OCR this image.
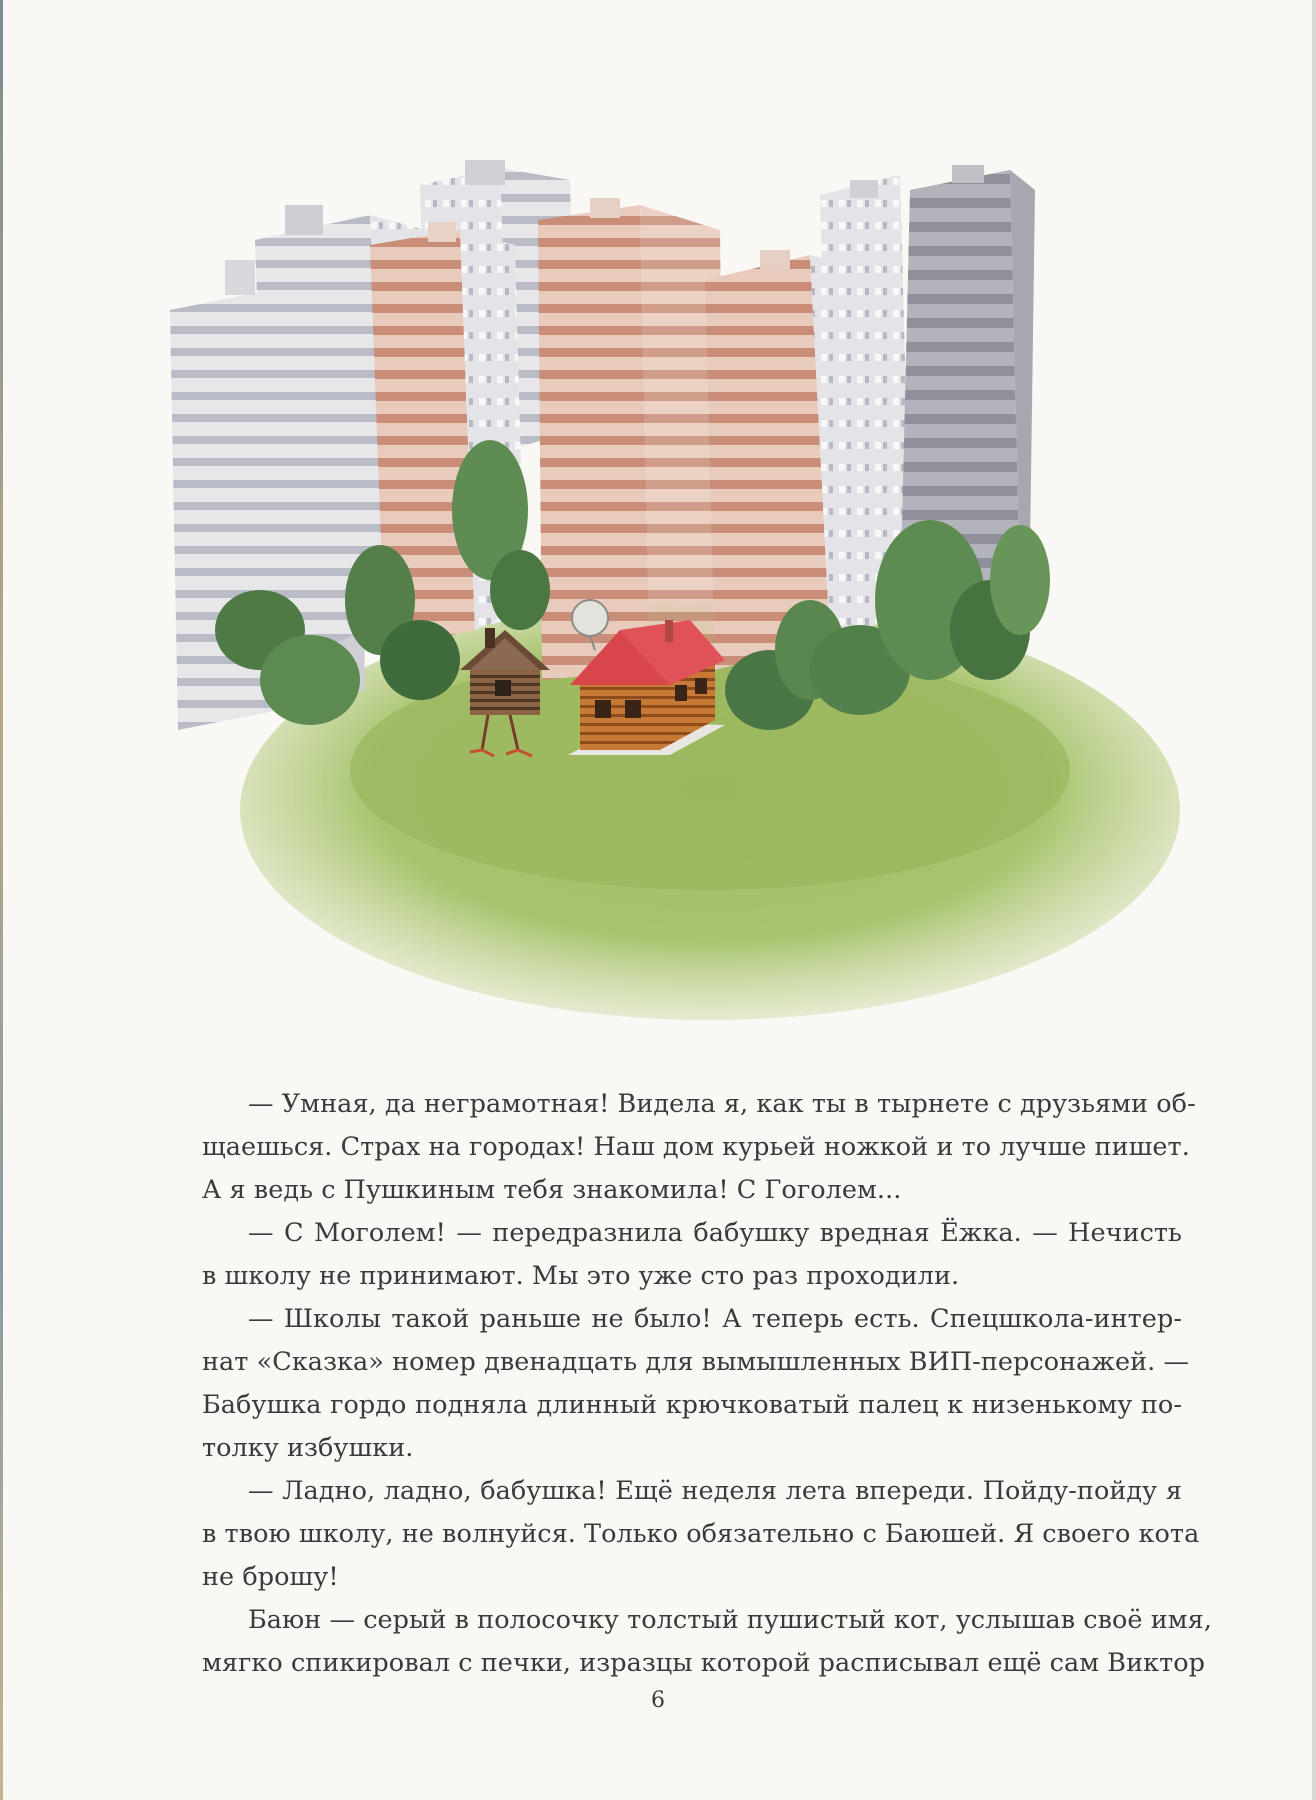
— Умная, да неграмотная! Видела я, как ты в тырнете с друзьями об-
щаешься. Страх на городах! Наш дом курьей ножкой и то лучше пишет.
А я ведь с Пушкиным тебя знакомила! С Гоголем...
— С Моголем! — передразнила бабушку вредная Ёжка. — Нечисть
в школу не принимают. Мы это уже сто раз проходили.
— Школы такой раньше не было! А теперь есть. Спецшкола-интер-
нат «Сказка» номер двенадцать для вымышленных ВИП-персонажей. —
Бабушка гордо подняла длинный крючковатый палец к низенькому по-
толку избушки.
— Ладно, ладно, бабушка! Ещё неделя лета впереди. Пойду-пойду я
в твою школу, не волнуйся. Только обязательно с Баюшей. Я своего кота
не брошу!
Баюн — серый в полосочку толстый пушистый кот, услышав своё имя,
мягко спикировал с печки, изразцы которой расписывал ещё сам Виктор
6
